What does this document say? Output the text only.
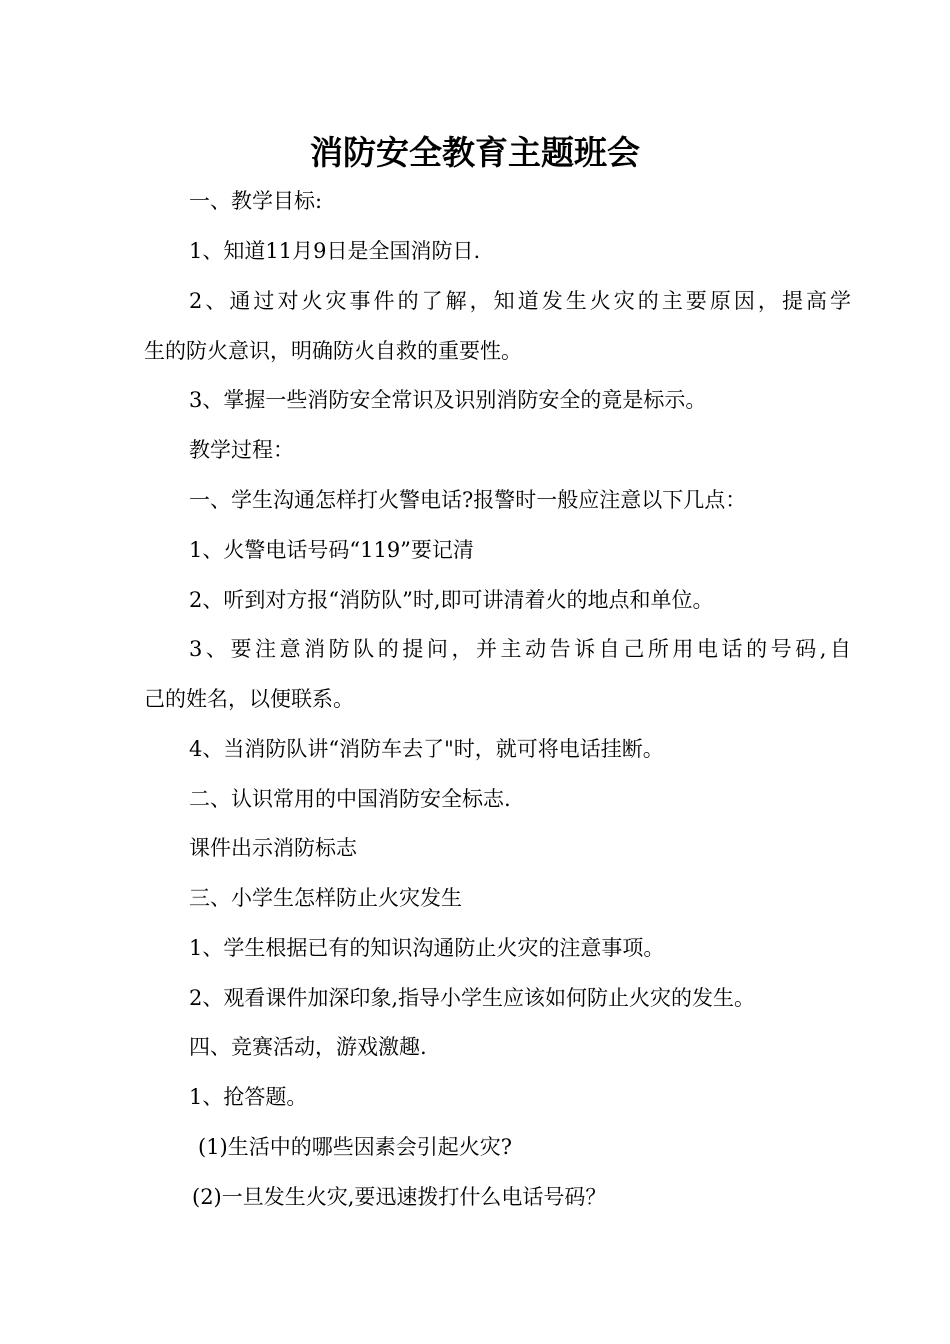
消防安全教育主题班会

一、教学目标:

1、知道11月9日是全国消防日.

2、通过对火灾事件的了解，知道发生火灾的主要原因，提高学

生的防火意识，明确防火自救的重要性。

3、掌握一些消防安全常识及识别消防安全的竟是标示。

教学过程：

一、学生沟通怎样打火警电话?报警时一般应注意以下几点：

1、火警电话号码“119”要记清

2、听到对方报“消防队”时,即可讲清着火的地点和单位。

3、要注意消防队的提问，并主动告诉自己所用电话的号码,自

己的姓名，以便联系。

4、当消防队讲“消防车去了"时，就可将电话挂断。

二、认识常用的中国消防安全标志.

课件出示消防标志

三、小学生怎样防止火灾发生

1、学生根据已有的知识沟通防止火灾的注意事项。

2、观看课件加深印象,指导小学生应该如何防止火灾的发生。

四、竞赛活动，游戏激趣.

1、抢答题。

(1)生活中的哪些因素会引起火灾?

(2)一旦发生火灾,要迅速拨打什么电话号码？
